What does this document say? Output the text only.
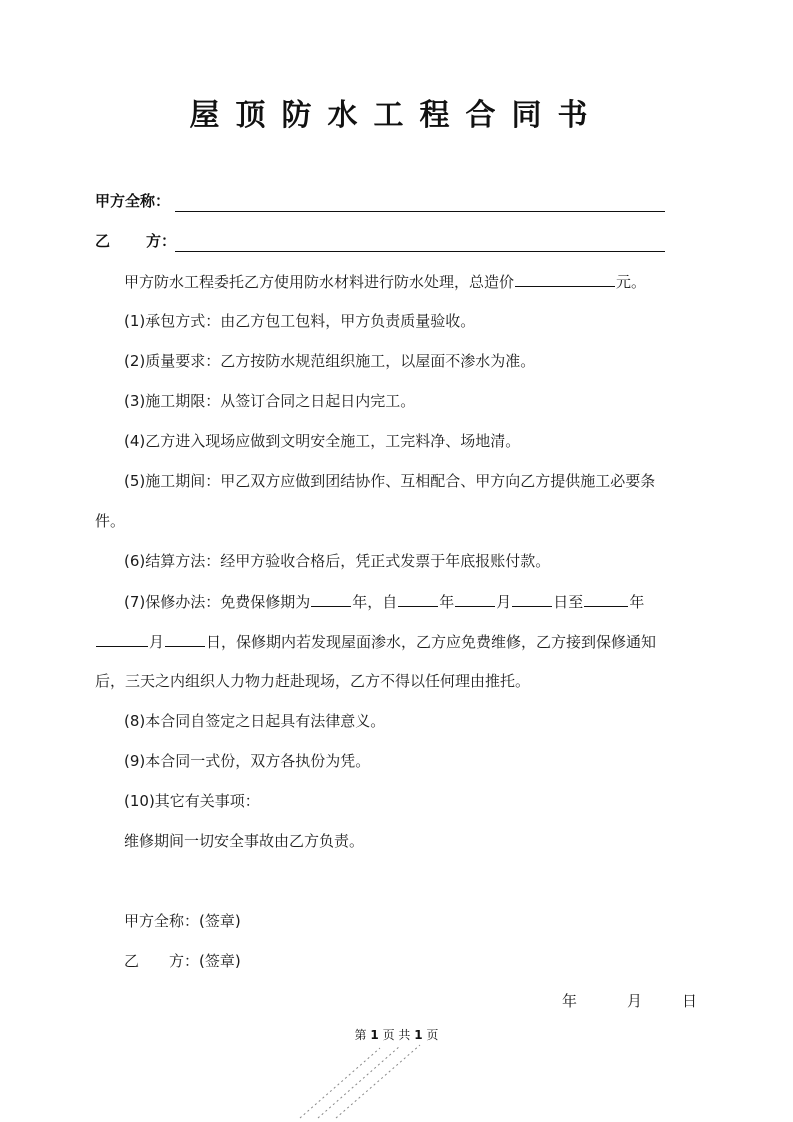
屋顶防水工程合同书
甲方全称：
乙 方：
甲方防水工程委托乙方使用防水材料进行防水处理，总造价	元。
(1)承包方式：由乙方包工包料，甲方负责质量验收。
(2)质量要求：乙方按防水规范组织施工，以屋面不渗水为准。
(3)施工期限：从签订合同之日起日内完工。
(4)乙方进入现场应做到文明安全施工，工完料净、场地清。
(5)施工期间：甲乙双方应做到团结协作、互相配合、甲方向乙方提供施工必要条
件。
(6)结算方法：经甲方验收合格后，凭正式发票于年底报账付款。
(7)保修办法：免费保修期为	年，自	年	月	日至	年
月	日，保修期内若发现屋面渗水，乙方应免费维修，乙方接到保修通知
后，三天之内组织人力物力赶赴现场，乙方不得以任何理由推托。
(8)本合同自签定之日起具有法律意义。
(9)本合同一式份，双方各执份为凭。
(10)其它有关事项：
维修期间一切安全事故由乙方负责。
甲方全称：(签章)
乙 方：(签章)
年	月	日
第 1 页 共 1 页
